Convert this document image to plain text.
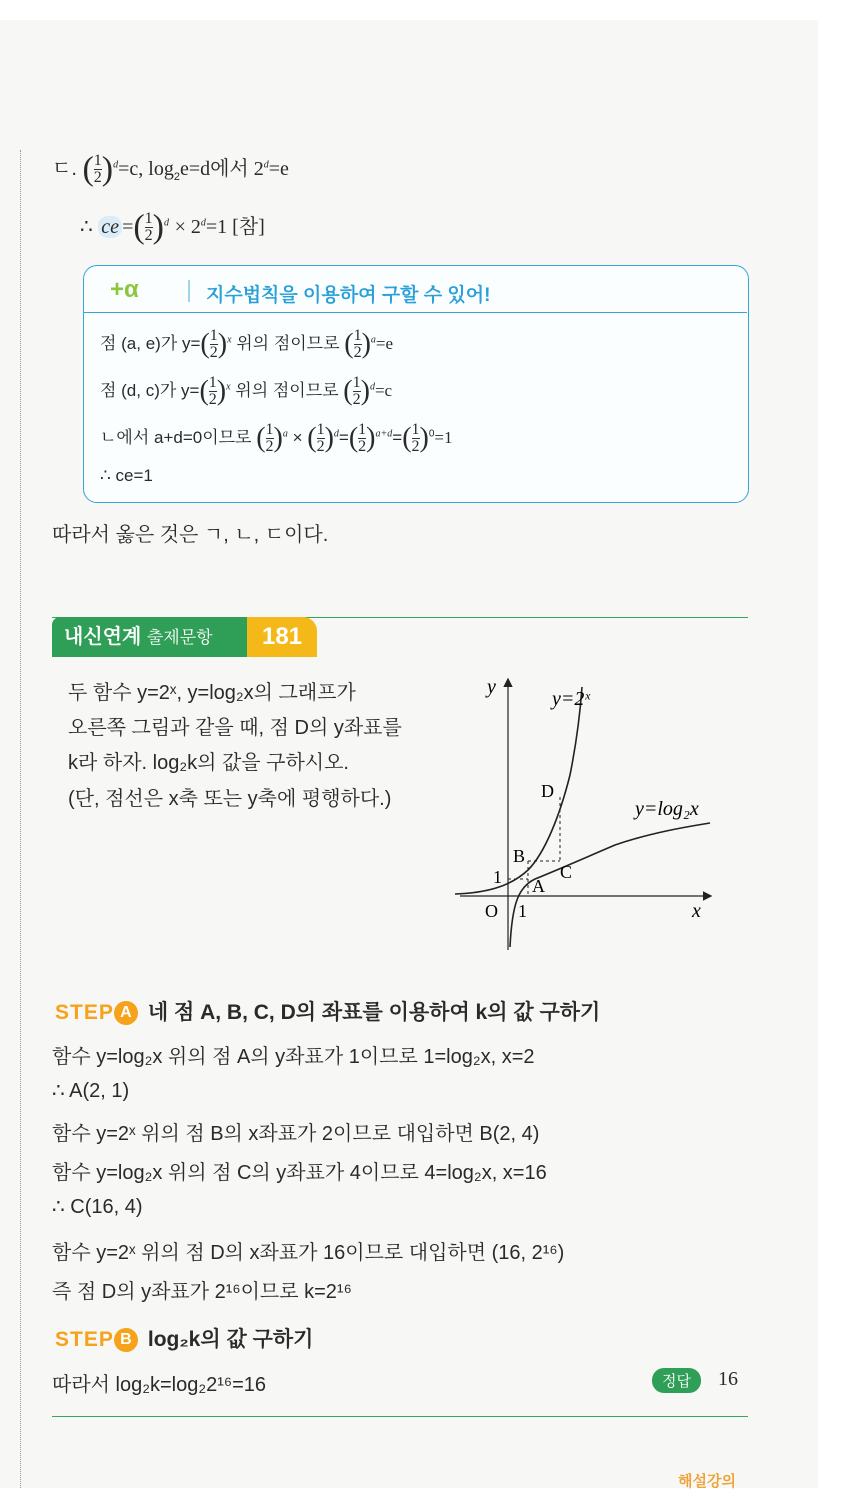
ㄷ. ( $\frac{1}{2} )^d=c$, $\log_2e=d$에서 $2^d=e$
∴ ce =( $\frac{1}{2} )^d \times 2^d=1$ [참]
+α	지수법칙을 이용하여 구할 수 있어!
점 (a, e)가 $y=( \frac{1}{2} )^x$ 위의 점이므로 ( $\frac{1}{2} )^a=e$
점 (d, c)가 $y=( \frac{1}{2} )^x$ 위의 점이므로 ( $\frac{1}{2} )^d=c$
ㄴ에서 a+d=0이므로 ( $\frac{1}{2} )^a$ × ( $\frac{1}{2} )^d=( \frac{1}{2} )^{a+d}=( \frac{1}{2} )^0=1$
∴ ce=1
따라서 옳은 것은 ㄱ, ㄴ, ㄷ이다.
내신연계 출제문항	181
두 함수 y=2ˣ, y=log₂x의 그래프가
오른쪽 그림과 같을 때, 점 D의 y좌표를
k라 하자. log₂k의 값을 구하시오.
(단, 점선은 x축 또는 y축에 평행하다.)
y
x
O
1
1
y=2ˣ
y=log₂x
A
B
C
D
STEP A 네 점 A, B, C, D의 좌표를 이용하여 k의 값 구하기
함수 y=log₂x 위의 점 A의 y좌표가 1이므로 1=log₂x, x=2
∴ A(2, 1)
함수 y=2ˣ 위의 점 B의 x좌표가 2이므로 대입하면 B(2, 4)
함수 y=log₂x 위의 점 C의 y좌표가 4이므로 4=log₂x, x=16
∴ C(16, 4)
함수 y=2ˣ 위의 점 D의 x좌표가 16이므로 대입하면 (16, 2¹⁶)
즉 점 D의 y좌표가 2¹⁶이므로 k=2¹⁶
STEP B log₂k의 값 구하기
따라서 log₂k=log₂2¹⁶=16	정답	16
해설강의
